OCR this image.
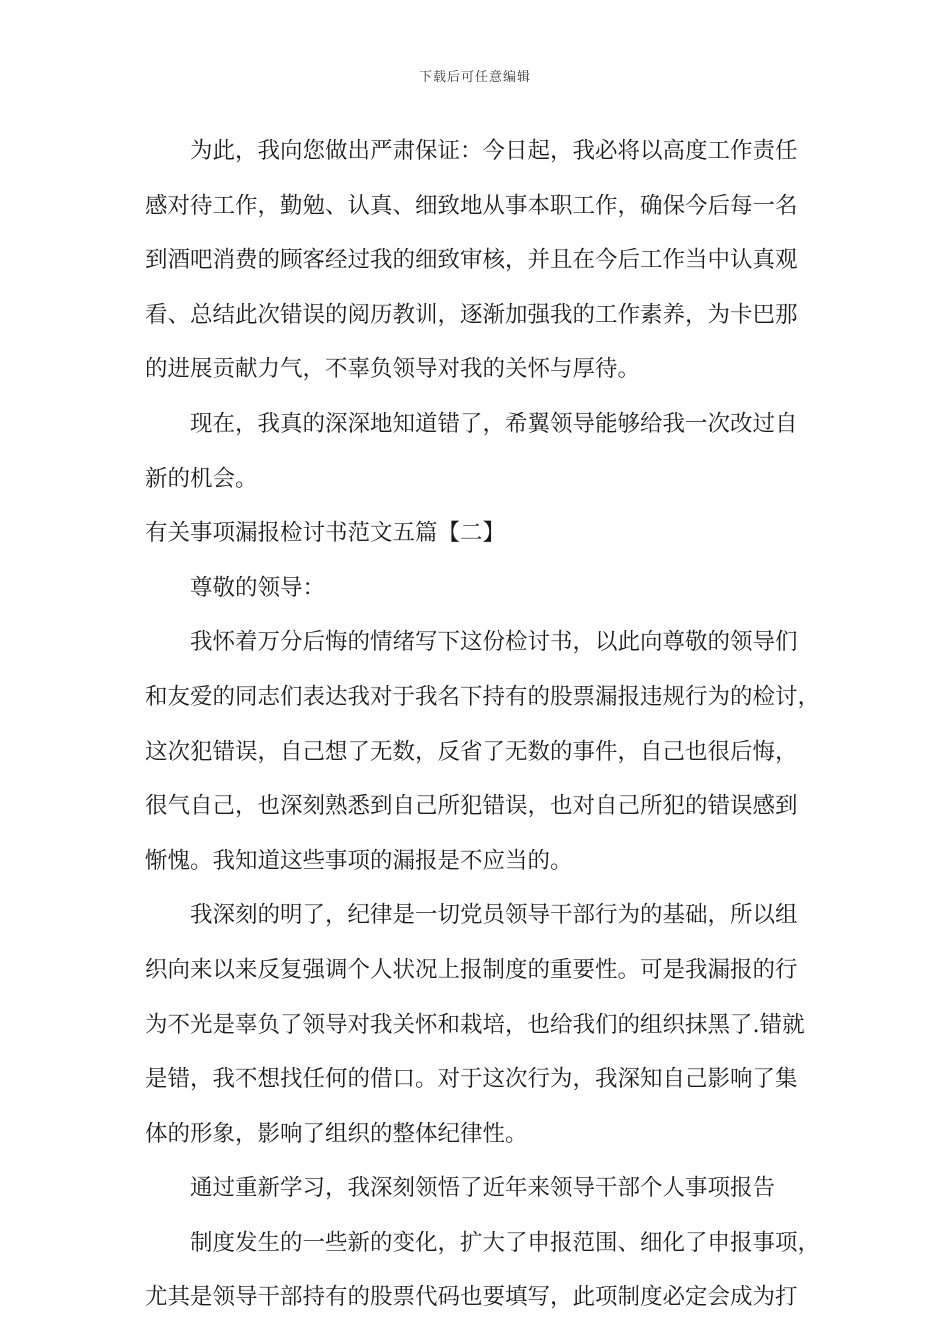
下载后可任意编辑
为此，我向您做出严肃保证：今日起，我必将以高度工作责任
感对待工作，勤勉、认真、细致地从事本职工作，确保今后每一名
到酒吧消费的顾客经过我的细致审核，并且在今后工作当中认真观
看、总结此次错误的阅历教训，逐渐加强我的工作素养，为卡巴那
的进展贡献力气，不辜负领导对我的关怀与厚待。
现在，我真的深深地知道错了，希翼领导能够给我一次改过自
新的机会。
有关事项漏报检讨书范文五篇【二】
尊敬的领导：
我怀着万分后悔的情绪写下这份检讨书，以此向尊敬的领导们
和友爱的同志们表达我对于我名下持有的股票漏报违规行为的检讨，
这次犯错误，自己想了无数，反省了无数的事件，自己也很后悔，
很气自己，也深刻熟悉到自己所犯错误，也对自己所犯的错误感到
惭愧。我知道这些事项的漏报是不应当的。
我深刻的明了，纪律是一切党员领导干部行为的基础，所以组
织向来以来反复强调个人状况上报制度的重要性。可是我漏报的行
为不光是辜负了领导对我关怀和栽培，也给我们的组织抹黑了.错就
是错，我不想找任何的借口。对于这次行为，我深知自己影响了集
体的形象，影响了组织的整体纪律性。
通过重新学习，我深刻领悟了近年来领导干部个人事项报告
制度发生的一些新的变化，扩大了申报范围、细化了申报事项，
尤其是领导干部持有的股票代码也要填写，此项制度必定会成为打
